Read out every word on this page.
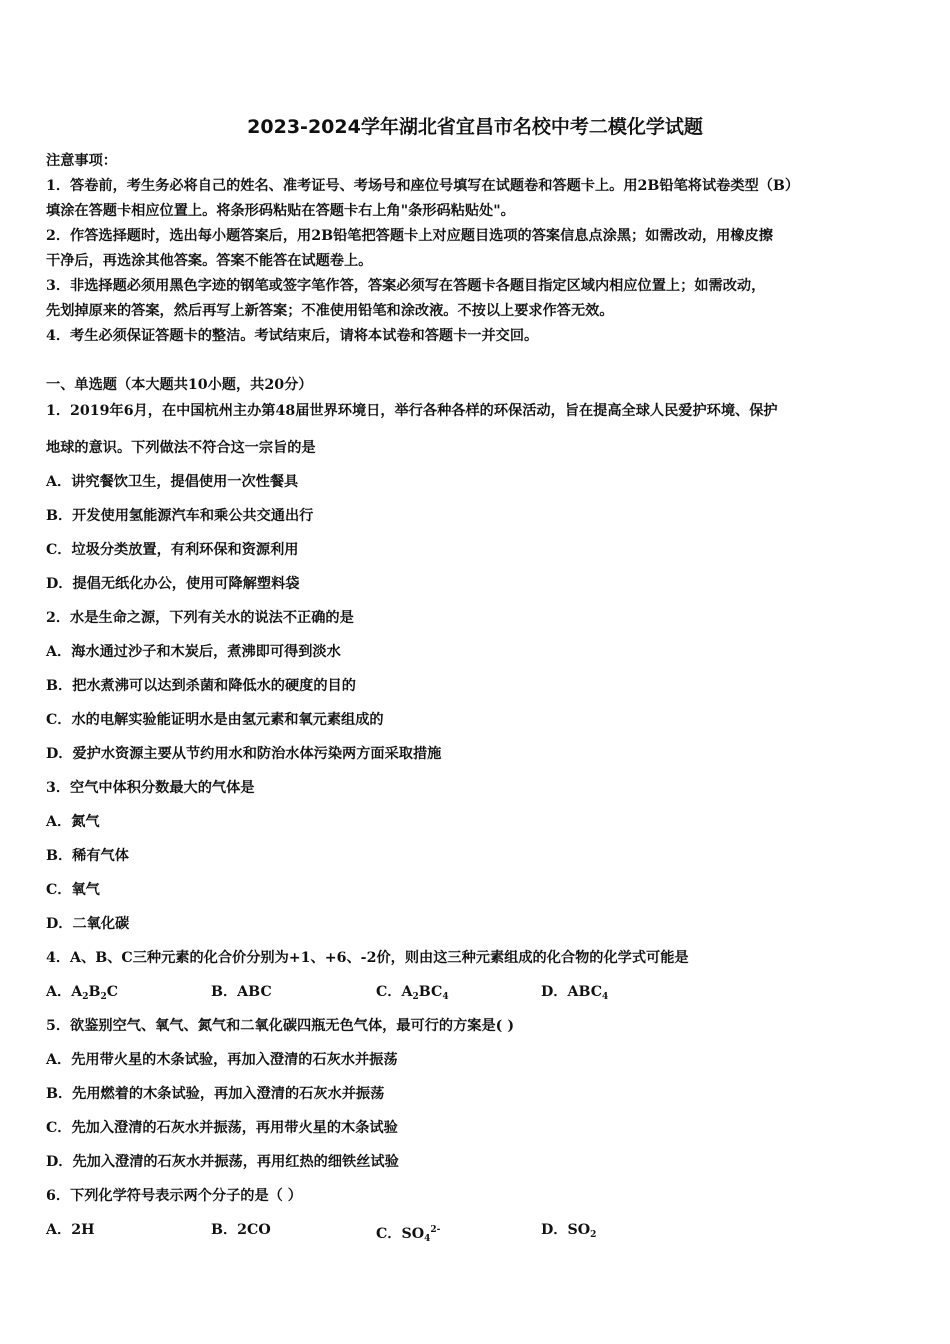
2023-2024学年湖北省宜昌市名校中考二模化学试题
注意事项：
1．答卷前，考生务必将自己的姓名、准考证号、考场号和座位号填写在试题卷和答题卡上。用2B铅笔将试卷类型（B）
填涂在答题卡相应位置上。将条形码粘贴在答题卡右上角"条形码粘贴处"。
2．作答选择题时，选出每小题答案后，用2B铅笔把答题卡上对应题目选项的答案信息点涂黑；如需改动，用橡皮擦
干净后，再选涂其他答案。答案不能答在试题卷上。
3．非选择题必须用黑色字迹的钢笔或签字笔作答，答案必须写在答题卡各题目指定区域内相应位置上；如需改动，
先划掉原来的答案，然后再写上新答案；不准使用铅笔和涂改液。不按以上要求作答无效。
4．考生必须保证答题卡的整洁。考试结束后，请将本试卷和答题卡一并交回。
一、单选题（本大题共10小题，共20分）
1．2019年6月，在中国杭州主办第48届世界环境日，举行各种各样的环保活动，旨在提高全球人民爱护环境、保护
地球的意识。下列做法不符合这一宗旨的是
A．讲究餐饮卫生，提倡使用一次性餐具
B．开发使用氢能源汽车和乘公共交通出行
C．垃圾分类放置，有利环保和资源利用
D．提倡无纸化办公，使用可降解塑料袋
2．水是生命之源，下列有关水的说法不正确的是
A．海水通过沙子和木炭后，煮沸即可得到淡水
B．把水煮沸可以达到杀菌和降低水的硬度的目的
C．水的电解实验能证明水是由氢元素和氧元素组成的
D．爱护水资源主要从节约用水和防治水体污染两方面采取措施
3．空气中体积分数最大的气体是
A．氮气
B．稀有气体
C．氧气
D．二氧化碳
4．A、B、C三种元素的化合价分别为+1、+6、-2价，则由这三种元素组成的化合物的化学式可能是
A．$A_2B_2C$	B．ABC	C．$A_2BC_4$	D．$ABC_4$
5．欲鉴别空气、氧气、氮气和二氧化碳四瓶无色气体，最可行的方案是( )
A．先用带火星的木条试验，再加入澄清的石灰水并振荡
B．先用燃着的木条试验，再加入澄清的石灰水并振荡
C．先加入澄清的石灰水并振荡，再用带火星的木条试验
D．先加入澄清的石灰水并振荡，再用红热的细铁丝试验
6．下列化学符号表示两个分子的是（ ）
A．2H	B．2CO	C．$SO_4^{2-}$	D．$SO_2$
